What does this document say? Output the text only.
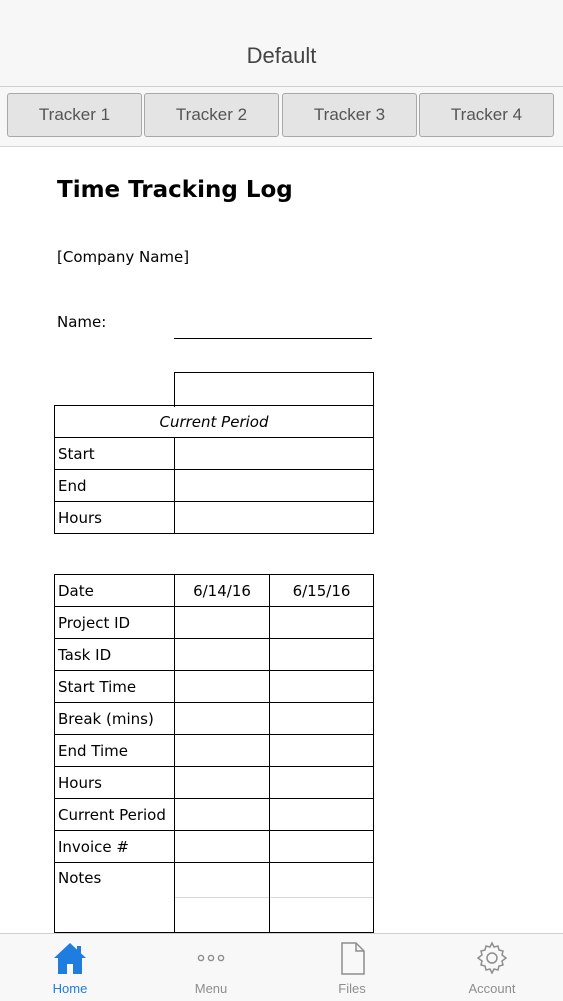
Default
Tracker 1	Tracker 2	Tracker 3	Tracker 4
Time Tracking Log
[Company Name]
Name:
Current Period	
Start	
End	
Hours	
Date	6/14/16	6/15/16
Project ID		
Task ID		
Start Time		
Break (mins)		
End Time		
Hours		
Current Period		
Invoice #		
Notes	

Home	Menu	Files	Account
